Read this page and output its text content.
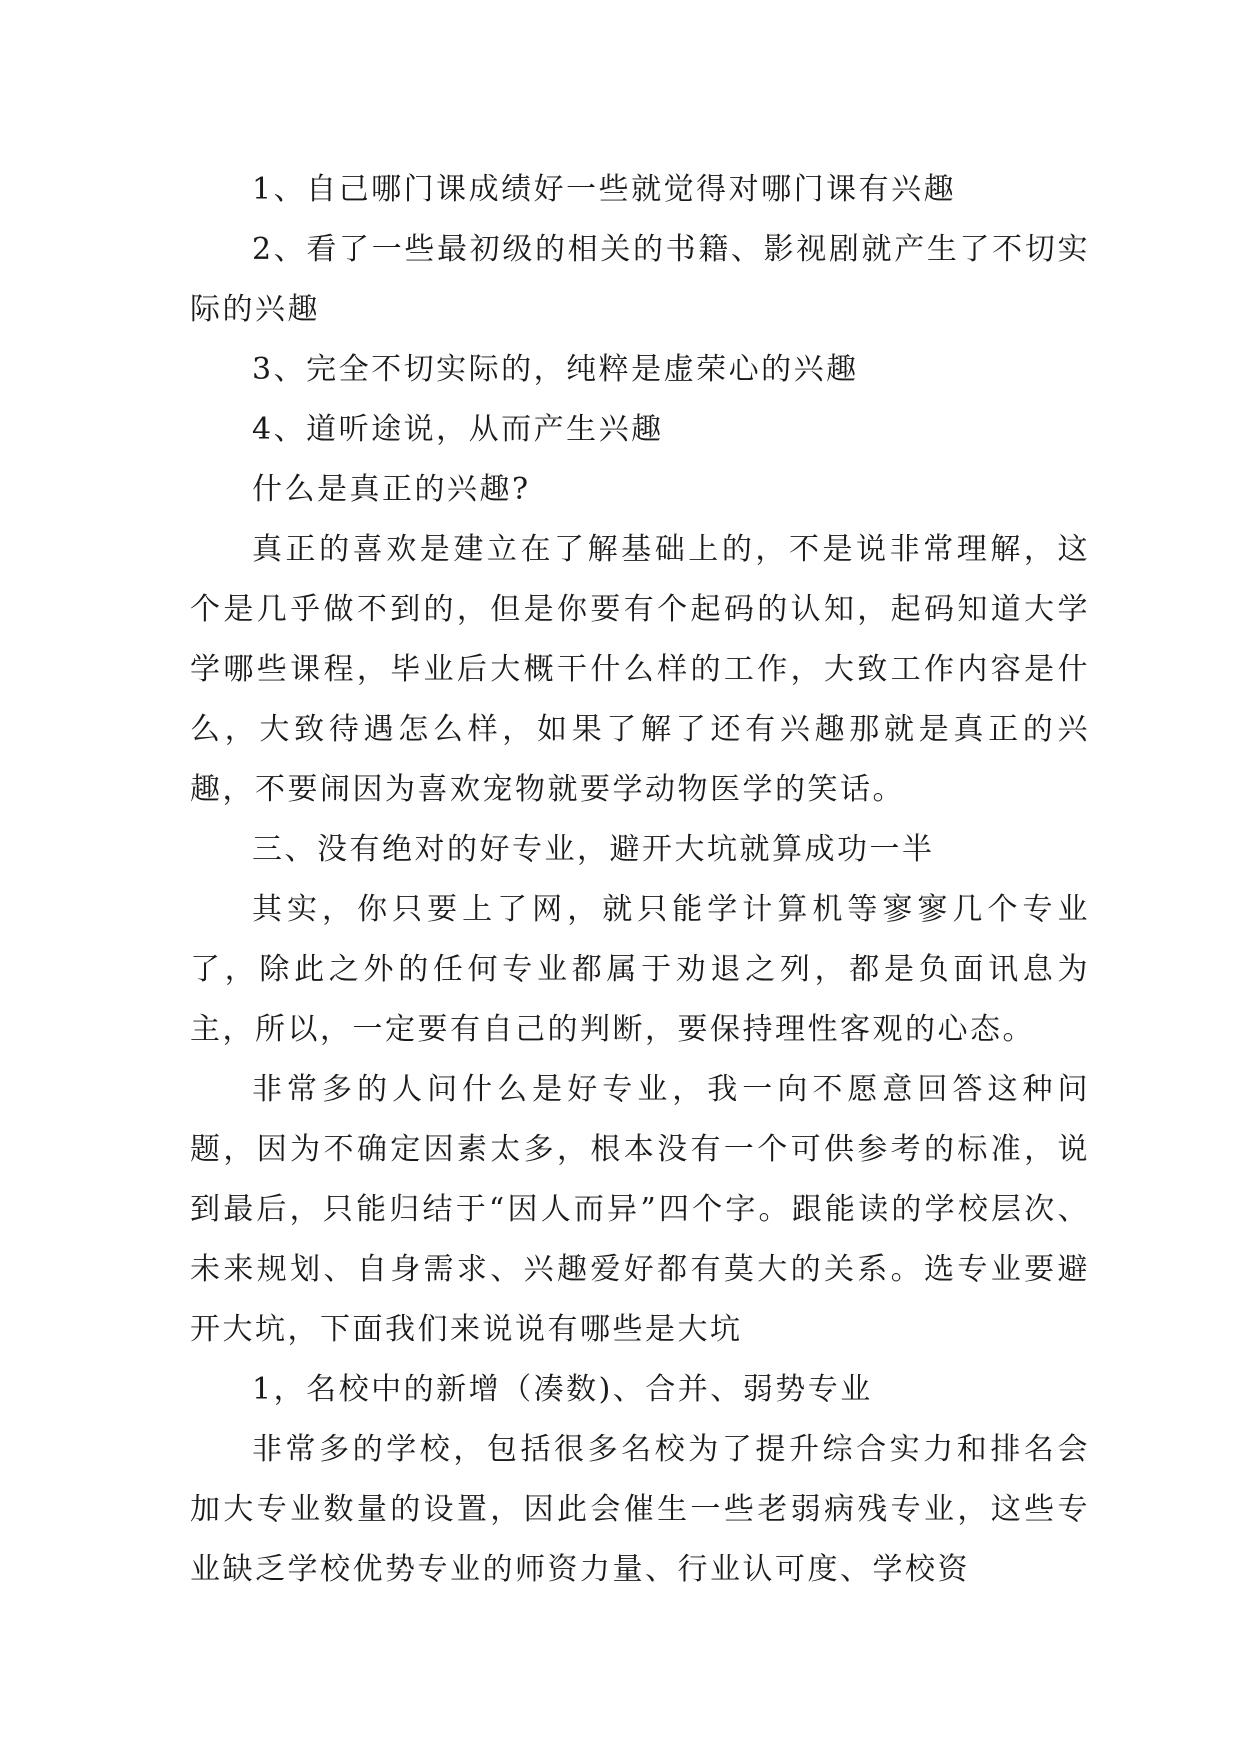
1、自己哪门课成绩好一些就觉得对哪门课有兴趣

2、看了一些最初级的相关的书籍、影视剧就产生了不切实际的兴趣

3、完全不切实际的，纯粹是虚荣心的兴趣

4、道听途说，从而产生兴趣

什么是真正的兴趣?

真正的喜欢是建立在了解基础上的，不是说非常理解，这个是几乎做不到的，但是你要有个起码的认知，起码知道大学学哪些课程，毕业后大概干什么样的工作，大致工作内容是什么，大致待遇怎么样，如果了解了还有兴趣那就是真正的兴趣，不要闹因为喜欢宠物就要学动物医学的笑话。

三、没有绝对的好专业，避开大坑就算成功一半

其实，你只要上了网，就只能学计算机等寥寥几个专业了，除此之外的任何专业都属于劝退之列，都是负面讯息为主，所以，一定要有自己的判断，要保持理性客观的心态。

非常多的人问什么是好专业，我一向不愿意回答这种问题，因为不确定因素太多，根本没有一个可供参考的标准，说到最后，只能归结于“因人而异”四个字。跟能读的学校层次、未来规划、自身需求、兴趣爱好都有莫大的关系。选专业要避开大坑，下面我们来说说有哪些是大坑

1，名校中的新增（凑数)、合并、弱势专业

非常多的学校，包括很多名校为了提升综合实力和排名会加大专业数量的设置，因此会催生一些老弱病残专业，这些专业缺乏学校优势专业的师资力量、行业认可度、学校资
